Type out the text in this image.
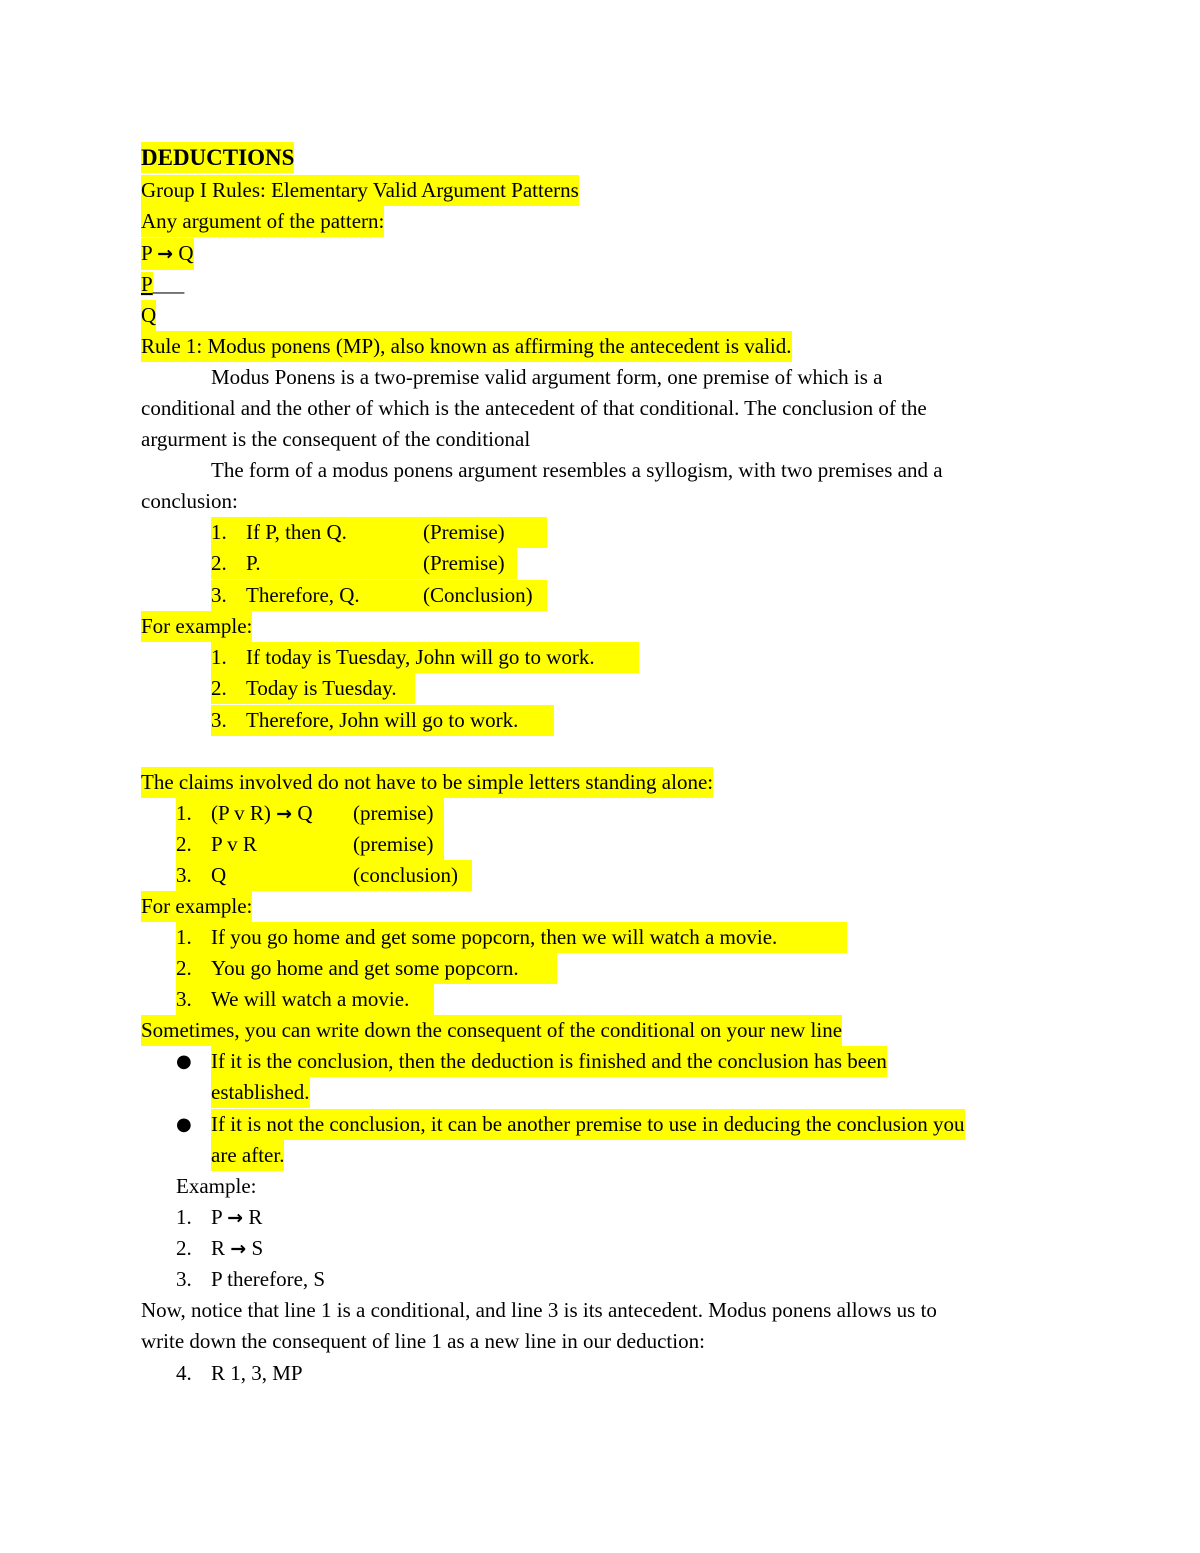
DEDUCTIONS
Group I Rules: Elementary Valid Argument Patterns
Any argument of the pattern:
P → Q
P___
Q
Rule 1: Modus ponens (MP), also known as affirming the antecedent is valid.
Modus Ponens is a two-premise valid argument form, one premise of which is a
conditional and the other of which is the antecedent of that conditional. The conclusion of the
argurment is the consequent of the conditional
The form of a modus ponens argument resembles a syllogism, with two premises and a
conclusion:
1. If P, then Q.	(Premise)
2. P.	(Premise)
3. Therefore, Q.	(Conclusion)
For example:
1. If today is Tuesday, John will go to work.
2. Today is Tuesday.
3. Therefore, John will go to work.
The claims involved do not have to be simple letters standing alone:
1. (P v R) → Q (premise)
2. P v R	(premise)
3. Q	(conclusion)
For example:
1. If you go home and get some popcorn, then we will watch a movie.
2. You go home and get some popcorn.
3. We will watch a movie.
Sometimes, you can write down the consequent of the conditional on your new line
● If it is the conclusion, then the deduction is finished and the conclusion has been
established.
● If it is not the conclusion, it can be another premise to use in deducing the conclusion you
are after.
Example:
1. P → R
2. R → S
3. P therefore, S
Now, notice that line 1 is a conditional, and line 3 is its antecedent. Modus ponens allows us to
write down the consequent of line 1 as a new line in our deduction:
4. R 1, 3, MP
